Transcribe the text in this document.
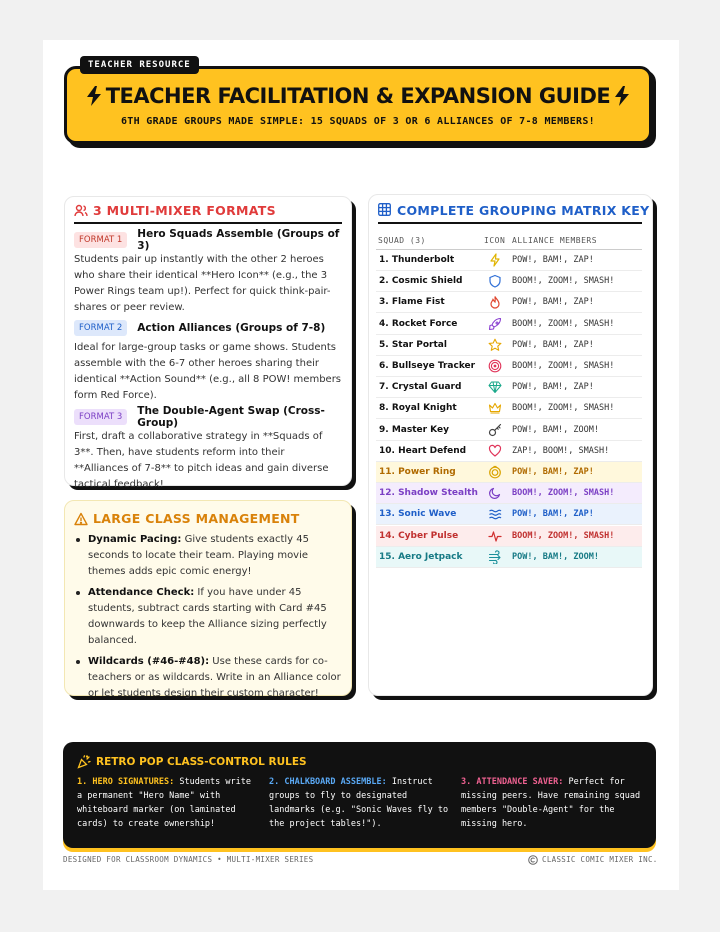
TEACHER FACILITATION & EXPANSION GUIDE
6TH GRADE GROUPS MADE SIMPLE: 15 SQUADS OF 3 OR 6 ALLIANCES OF 7-8 MEMBERS!
TEACHER RESOURCE
3 MULTI-MIXER FORMATS
FORMAT 1	Hero Squads Assemble (Groups of 3)
Students pair up instantly with the other 2 heroes who share their identical **Hero Icon** (e.g., the 3 Power Rings team up!). Perfect for quick think-pair-shares or peer review.
FORMAT 2	Action Alliances (Groups of 7-8)
Ideal for large-group tasks or game shows. Students assemble with the 6-7 other heroes sharing their identical **Action Sound** (e.g., all 8 POW! members form Red Force).
FORMAT 3	The Double-Agent Swap (Cross-Group)
First, draft a collaborative strategy in **Squads of 3**. Then, have students reform into their **Alliances of 7-8** to pitch ideas and gain diverse tactical feedback!
LARGE CLASS MANAGEMENT
Dynamic Pacing: Give students exactly 45 seconds to locate their team. Playing movie themes adds epic comic energy!
Attendance Check: If you have under 45 students, subtract cards starting with Card #45 downwards to keep the Alliance sizing perfectly balanced.
Wildcards (#46-#48): Use these cards for co-teachers or as wildcards. Write in an Alliance color or let students design their custom character!
COMPLETE GROUPING MATRIX KEY
SQUAD (3)	ICON ALLIANCE MEMBERS
1. Thunderbolt	POW!, BAM!, ZAP!
2. Cosmic Shield	BOOM!, ZOOM!, SMASH!
3. Flame Fist	POW!, BAM!, ZAP!
4. Rocket Force	BOOM!, ZOOM!, SMASH!
5. Star Portal	POW!, BAM!, ZAP!
6. Bullseye Tracker	BOOM!, ZOOM!, SMASH!
7. Crystal Guard	POW!, BAM!, ZAP!
8. Royal Knight	BOOM!, ZOOM!, SMASH!
9. Master Key	POW!, BAM!, ZOOM!
10. Heart Defend	ZAP!, BOOM!, SMASH!
11. Power Ring	POW!, BAM!, ZAP!
12. Shadow Stealth	BOOM!, ZOOM!, SMASH!
13. Sonic Wave	POW!, BAM!, ZAP!
14. Cyber Pulse	BOOM!, ZOOM!, SMASH!
15. Aero Jetpack	POW!, BAM!, ZOOM!
RETRO POP CLASS-CONTROL RULES
1. HERO SIGNATURES: Students write a permanent "Hero Name" with whiteboard marker (on laminated cards) to create ownership!
2. CHALKBOARD ASSEMBLE: Instruct groups to fly to designated landmarks (e.g. "Sonic Waves fly to the project tables!").
3. ATTENDANCE SAVER: Perfect for missing peers. Have remaining squad members "Double-Agent" for the missing hero.
DESIGNED FOR CLASSROOM DYNAMICS • MULTI-MIXER SERIES	CLASSIC COMIC MIXER INC.
